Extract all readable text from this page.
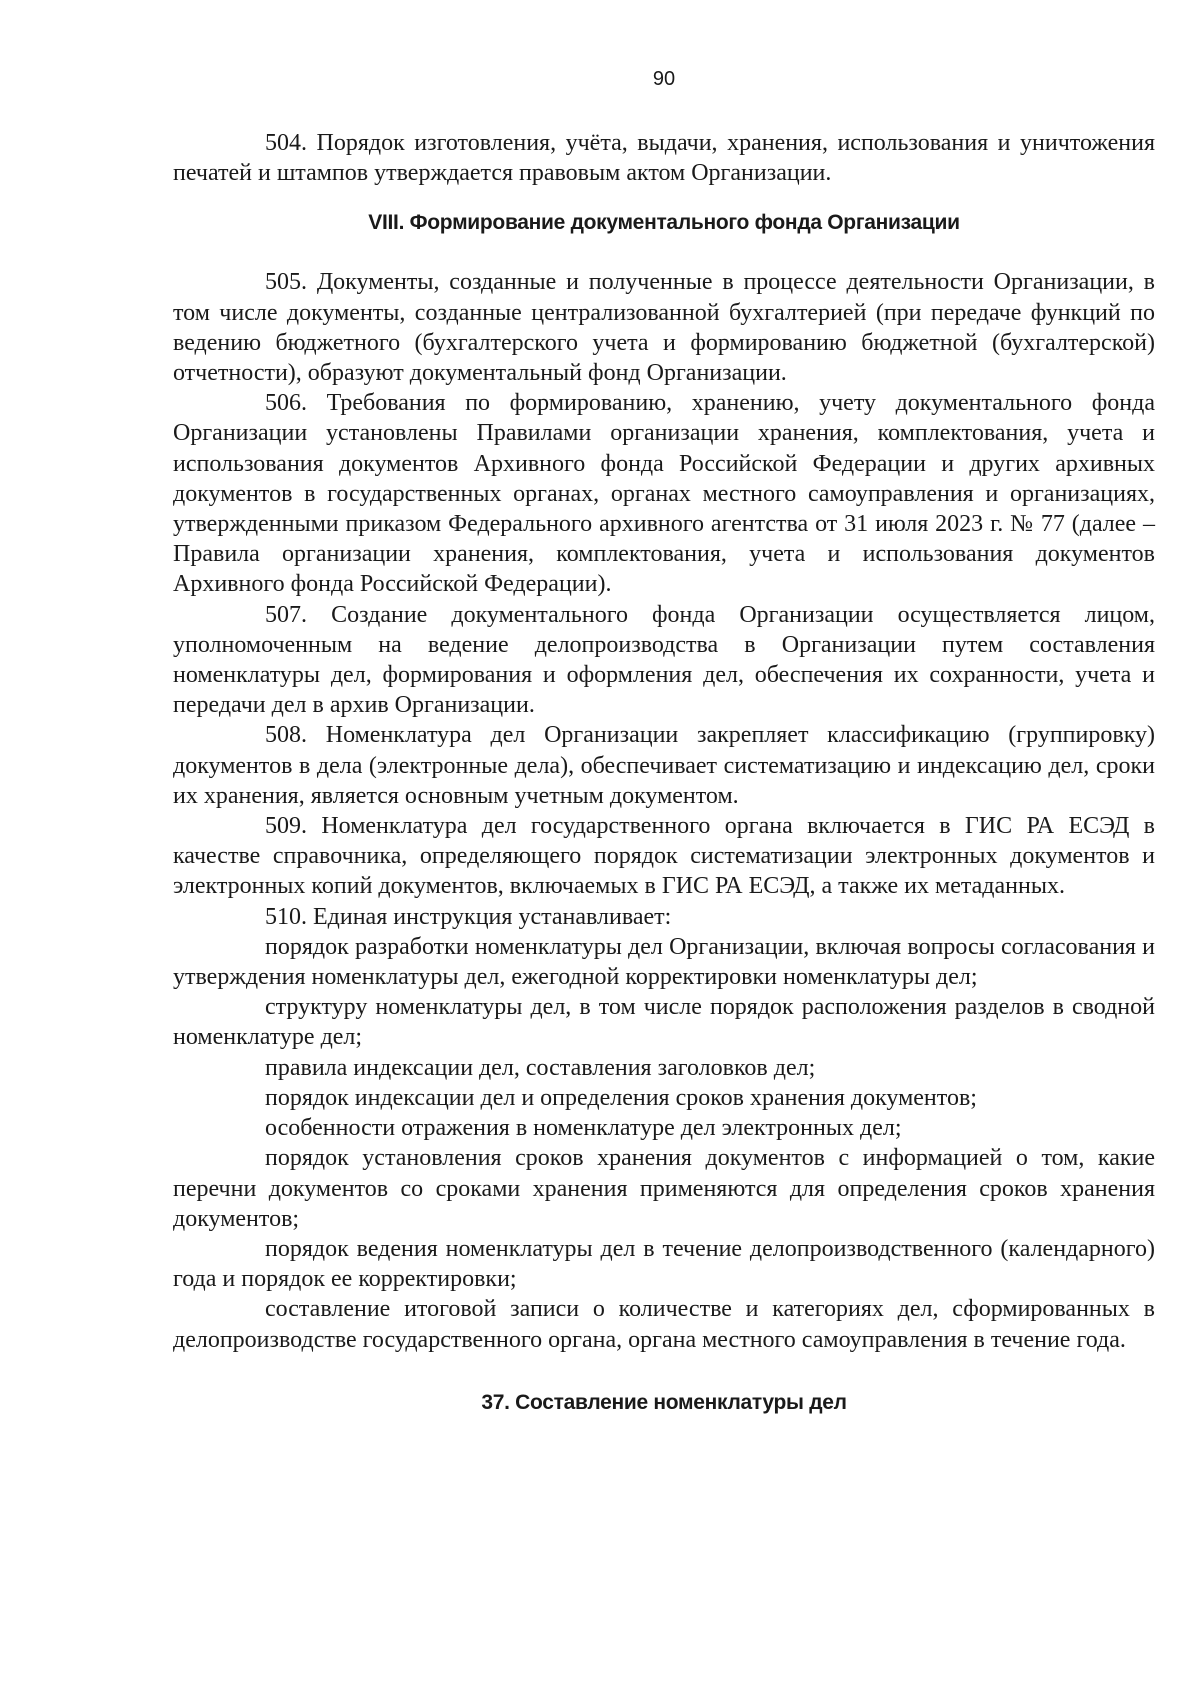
90

504. Порядок изготовления, учёта, выдачи, хранения, использования и уничтожения печатей и штампов утверждается правовым актом Организации.

VIII. Формирование документального фонда Организации

505. Документы, созданные и полученные в процессе деятельности Организации, в том числе документы, созданные централизованной бухгалтерией (при передаче функций по ведению бюджетного (бухгалтерского учета и формированию бюджетной (бухгалтерской) отчетности), образуют документальный фонд Организации.

506. Требования по формированию, хранению, учету документального фонда Организации установлены Правилами организации хранения, комплектования, учета и использования документов Архивного фонда Российской Федерации и других архивных документов в государственных органах, органах местного самоуправления и организациях, утвержденными приказом Федерального архивного агентства от 31 июля 2023 г. № 77 (далее – Правила организации хранения, комплектования, учета и использования документов Архивного фонда Российской Федерации).

507. Создание документального фонда Организации осуществляется лицом, уполномоченным на ведение делопроизводства в Организации путем составления номенклатуры дел, формирования и оформления дел, обеспечения их сохранности, учета и передачи дел в архив Организации.

508. Номенклатура дел Организации закрепляет классификацию (группировку) документов в дела (электронные дела), обеспечивает систематизацию и индексацию дел, сроки их хранения, является основным учетным документом.

509. Номенклатура дел государственного органа включается в ГИС РА ЕСЭД в качестве справочника, определяющего порядок систематизации электронных документов и электронных копий документов, включаемых в ГИС РА ЕСЭД, а также их метаданных.

510. Единая инструкция устанавливает:

порядок разработки номенклатуры дел Организации, включая вопросы согласования и утверждения номенклатуры дел, ежегодной корректировки номенклатуры дел;

структуру номенклатуры дел, в том числе порядок расположения разделов в сводной номенклатуре дел;

правила индексации дел, составления заголовков дел;

порядок индексации дел и определения сроков хранения документов;

особенности отражения в номенклатуре дел электронных дел;

порядок установления сроков хранения документов с информацией о том, какие перечни документов со сроками хранения применяются для определения сроков хранения документов;

порядок ведения номенклатуры дел в течение делопроизводственного (календарного) года и порядок ее корректировки;

составление итоговой записи о количестве и категориях дел, сформированных в делопроизводстве государственного органа, органа местного самоуправления в течение года.

37. Составление номенклатуры дел
